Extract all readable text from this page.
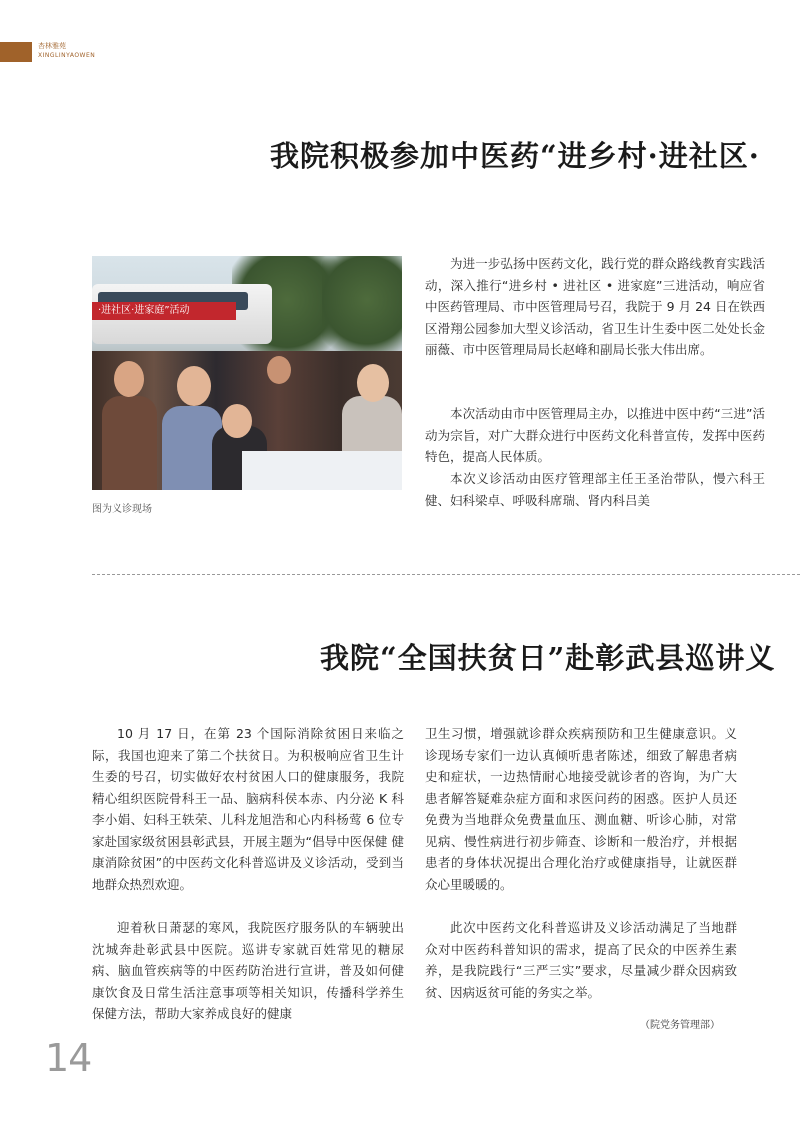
杏林雅苑
XINGLINYAOWEN
我院积极参加中医药“进乡村·进社区·
·进社区·进家庭”活动
图为义诊现场

为进一步弘扬中医药文化，践行党的群众路线教育实践活动，深入推行“进乡村 • 进社区 • 进家庭”三进活动，响应省中医药管理局、市中医管理局号召，我院于 9 月 24 日在铁西区滑翔公园参加大型义诊活动，省卫生计生委中医二处处长金丽薇、市中医管理局局长赵峰和副局长张大伟出席。

本次活动由市中医管理局主办，以推进中医中药“三进”活动为宗旨，对广大群众进行中医药文化科普宣传，发挥中医药特色，提高人民体质。

本次义诊活动由医疗管理部主任王圣治带队，慢六科王健、妇科梁卓、呼吸科席瑞、肾内科吕美

我院“全国扶贫日”赴彰武县巡讲义

10 月 17 日，在第 23 个国际消除贫困日来临之际，我国也迎来了第二个扶贫日。为积极响应省卫生计生委的号召，切实做好农村贫困人口的健康服务，我院精心组织医院骨科王一品、脑病科侯本赤、内分泌 K 科李小娟、妇科王轶荣、儿科龙旭浩和心内科杨莺 6 位专家赴国家级贫困县彰武县，开展主题为“倡导中医保健 健康消除贫困”的中医药文化科普巡讲及义诊活动，受到当地群众热烈欢迎。

迎着秋日萧瑟的寒风，我院医疗服务队的车辆驶出沈城奔赴彰武县中医院。巡讲专家就百姓常见的糖尿病、脑血管疾病等的中医药防治进行宣讲，普及如何健康饮食及日常生活注意事项等相关知识，传播科学养生保健方法，帮助大家养成良好的健康

卫生习惯，增强就诊群众疾病预防和卫生健康意识。义诊现场专家们一边认真倾听患者陈述，细致了解患者病史和症状，一边热情耐心地接受就诊者的咨询，为广大患者解答疑难杂症方面和求医问药的困惑。医护人员还免费为当地群众免费量血压、测血糖、听诊心肺，对常见病、慢性病进行初步筛查、诊断和一般治疗，并根据患者的身体状况提出合理化治疗或健康指导，让就医群众心里暖暖的。

此次中医药文化科普巡讲及义诊活动满足了当地群众对中医药科普知识的需求，提高了民众的中医养生素养，是我院践行“三严三实”要求，尽量减少群众因病致贫、因病返贫可能的务实之举。

（院党务管理部）
14
